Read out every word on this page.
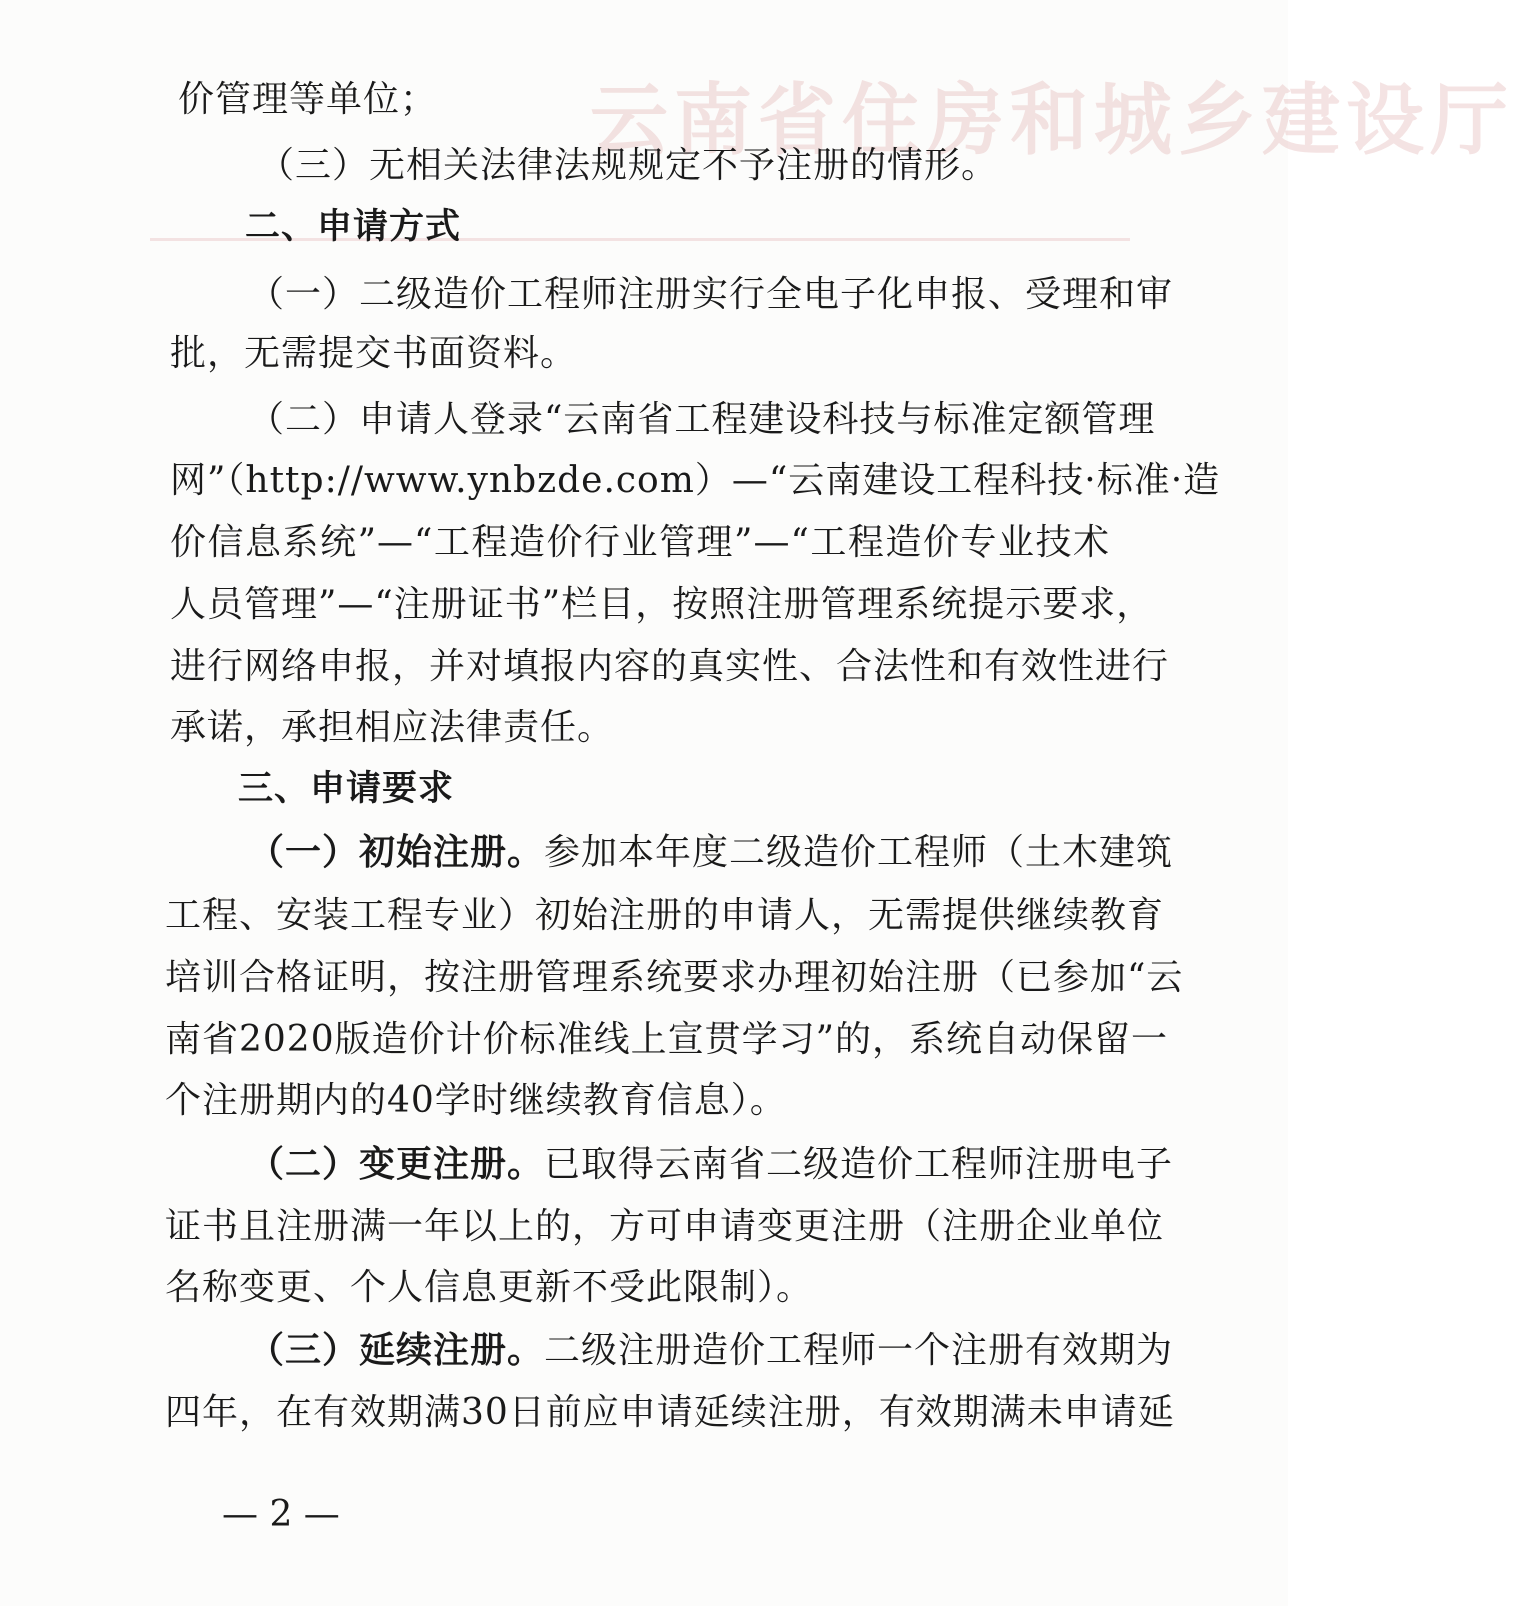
云南省住房和城乡建设厅
价管理等单位；
（三）无相关法律法规规定不予注册的情形。
二、申请方式
（一）二级造价工程师注册实行全电子化申报、受理和审
批，无需提交书面资料。
（二）申请人登录“云南省工程建设科技与标准定额管理
网”（http://www.ynbzde.com）—“云南建设工程科技·标准·造
价信息系统”—“工程造价行业管理”—“工程造价专业技术
人员管理”—“注册证书”栏目，按照注册管理系统提示要求，
进行网络申报，并对填报内容的真实性、合法性和有效性进行
承诺，承担相应法律责任。
三、申请要求
（一）初始注册。参加本年度二级造价工程师（土木建筑
工程、安装工程专业）初始注册的申请人，无需提供继续教育
培训合格证明，按注册管理系统要求办理初始注册（已参加“云
南省2020版造价计价标准线上宣贯学习”的，系统自动保留一
个注册期内的40学时继续教育信息）。
（二）变更注册。已取得云南省二级造价工程师注册电子
证书且注册满一年以上的，方可申请变更注册（注册企业单位
名称变更、个人信息更新不受此限制）。
（三）延续注册。二级注册造价工程师一个注册有效期为
四年，在有效期满30日前应申请延续注册，有效期满未申请延
— 2 —
